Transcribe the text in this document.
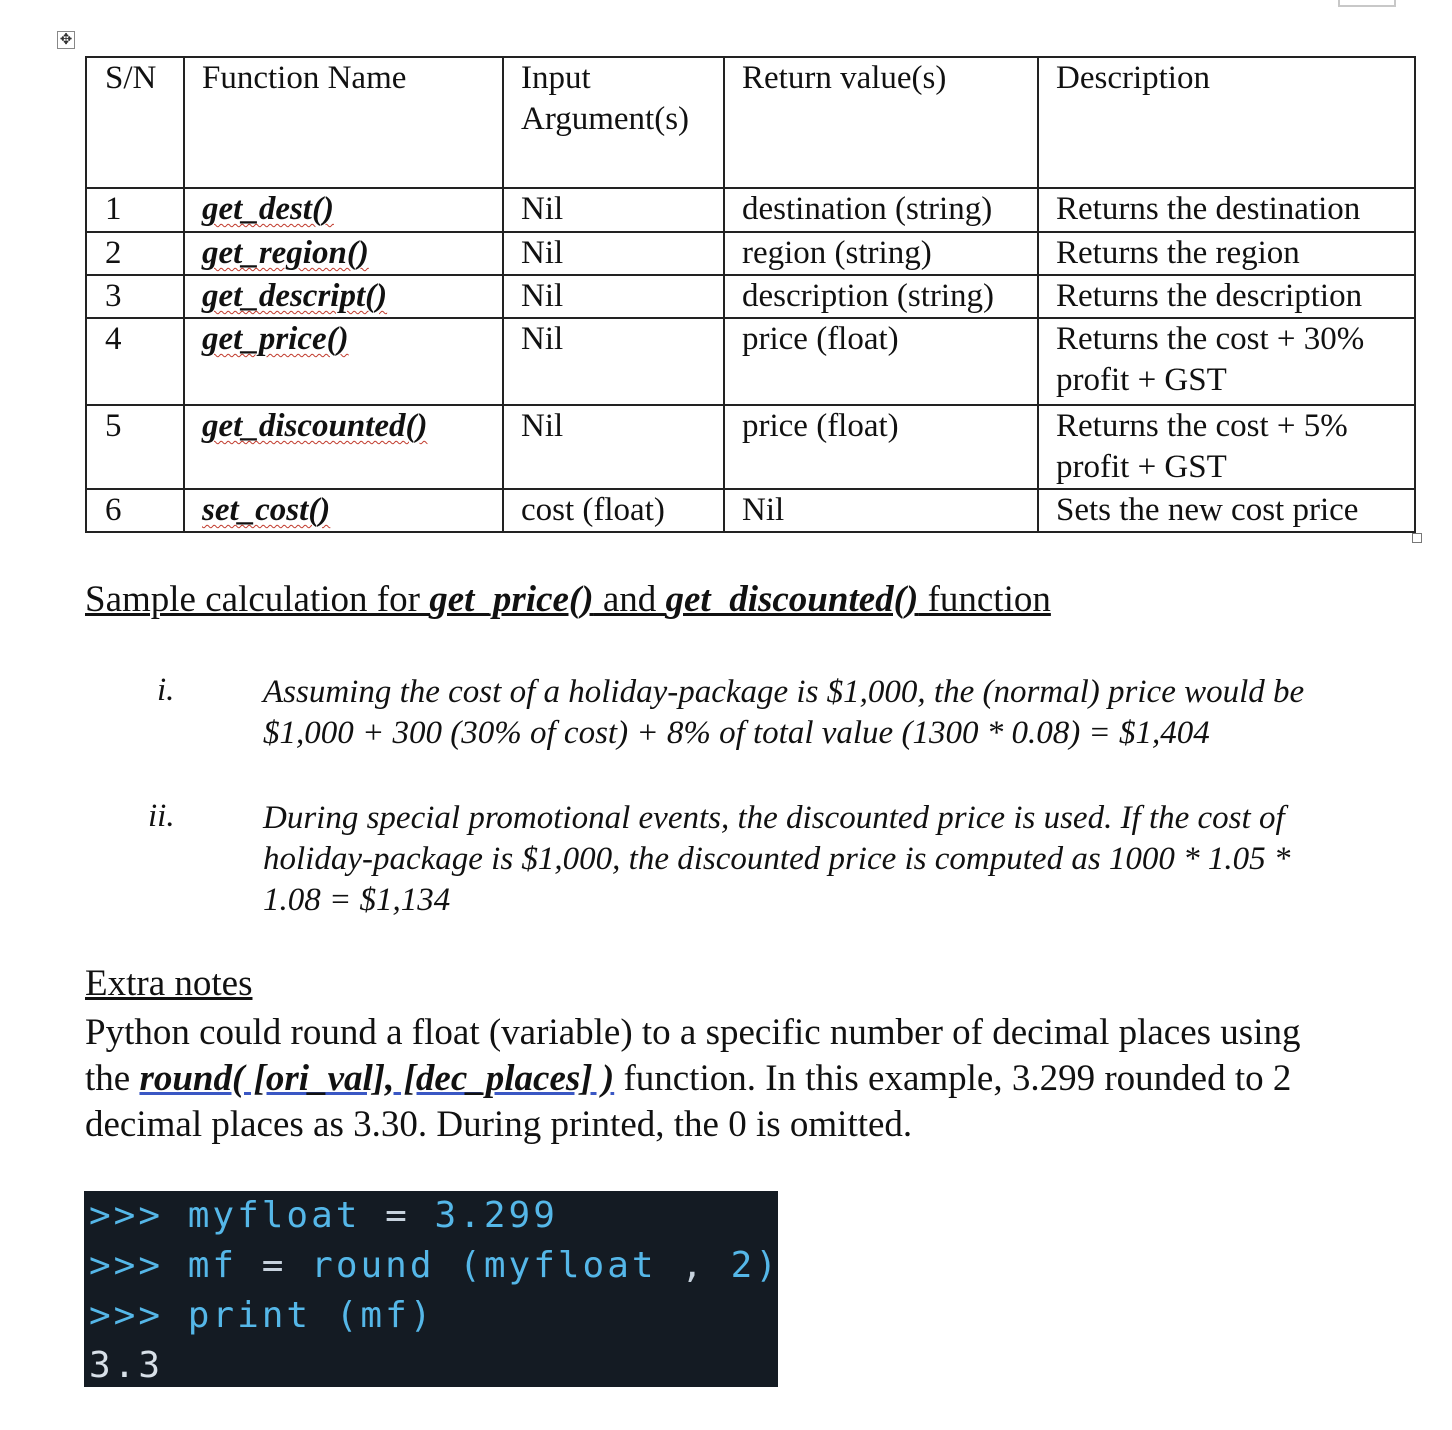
✥
S/N	Function Name	Input Argument(s)	Return value(s)	Description
1	get_dest()	Nil	destination (string)	Returns the destination
2	get_region()	Nil	region (string)	Returns the region
3	get_descript()	Nil	description (string)	Returns the description
4	get_price()	Nil	price (float)	Returns the cost + 30% profit + GST
5	get_discounted()	Nil	price (float)	Returns the cost + 5% profit + GST
6	set_cost()	cost (float)	Nil	Sets the new cost price
Sample calculation for get_price() and get_discounted() function
i.	Assuming the cost of a holiday-package is $1,000, the (normal) price would be $1,000 + 300 (30% of cost) + 8% of total value (1300 * 0.08) = $1,404
ii.	During special promotional events, the discounted price is used. If the cost of holiday-package is $1,000, the discounted price is computed as 1000 * 1.05 * 1.08 = $1,134
Extra notes
Python could round a float (variable) to a specific number of decimal places using the round( [ori_val], [dec_places] ) function. In this example, 3.299 rounded to 2 decimal places as 3.30. During printed, the 0 is omitted.
>>> myfloat = 3.299
>>> mf = round (myfloat , 2)
>>> print (mf)
3.3
